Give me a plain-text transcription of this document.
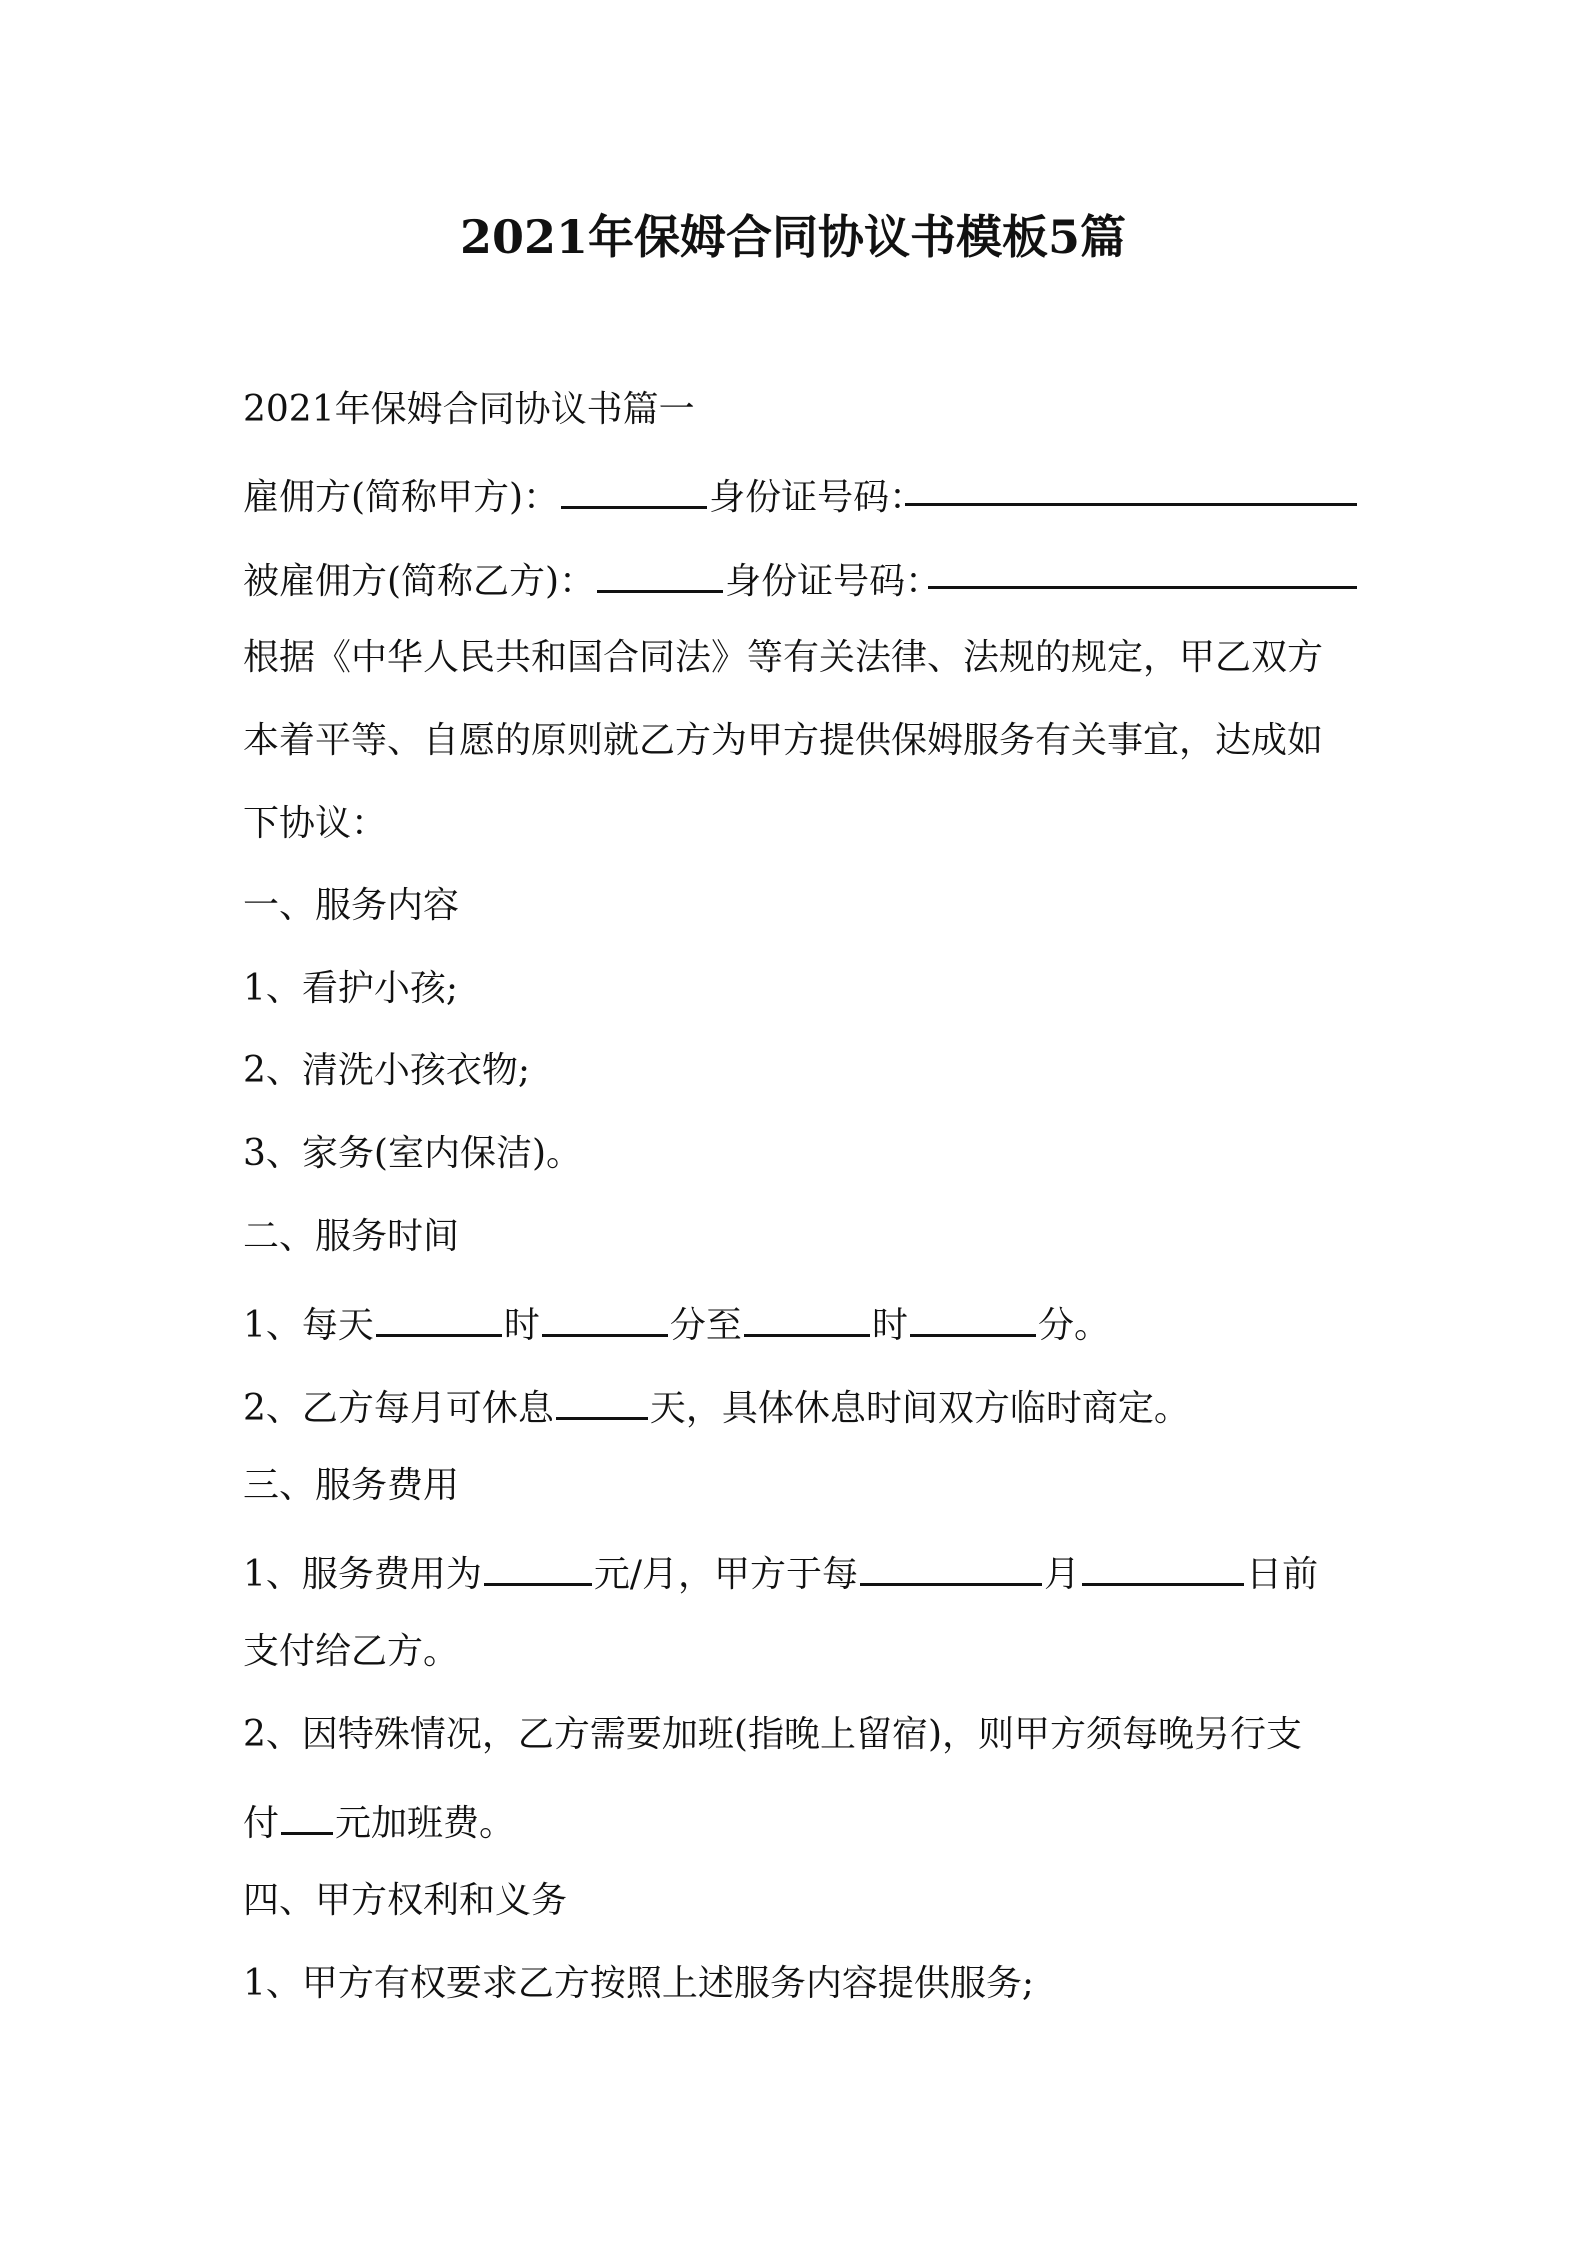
2021年保姆合同协议书模板5篇
2021年保姆合同协议书篇一
雇佣方(简称甲方)：	身份证号码：
被雇佣方(简称乙方)：	身份证号码：
根据《中华人民共和国合同法》等有关法律、法规的规定，甲乙双方
本着平等、自愿的原则就乙方为甲方提供保姆服务有关事宜，达成如
下协议：
一、服务内容
1、看护小孩;
2、清洗小孩衣物;
3、家务(室内保洁)。
二、服务时间
1、每天	时	分至	时	分。
2、乙方每月可休息	天，具体休息时间双方临时商定。
三、服务费用
1、服务费用为	元/月，甲方于每	月	日前
支付给乙方。
2、因特殊情况，乙方需要加班(指晚上留宿)，则甲方须每晚另行支
付 元加班费。
四、甲方权利和义务
1、甲方有权要求乙方按照上述服务内容提供服务;
